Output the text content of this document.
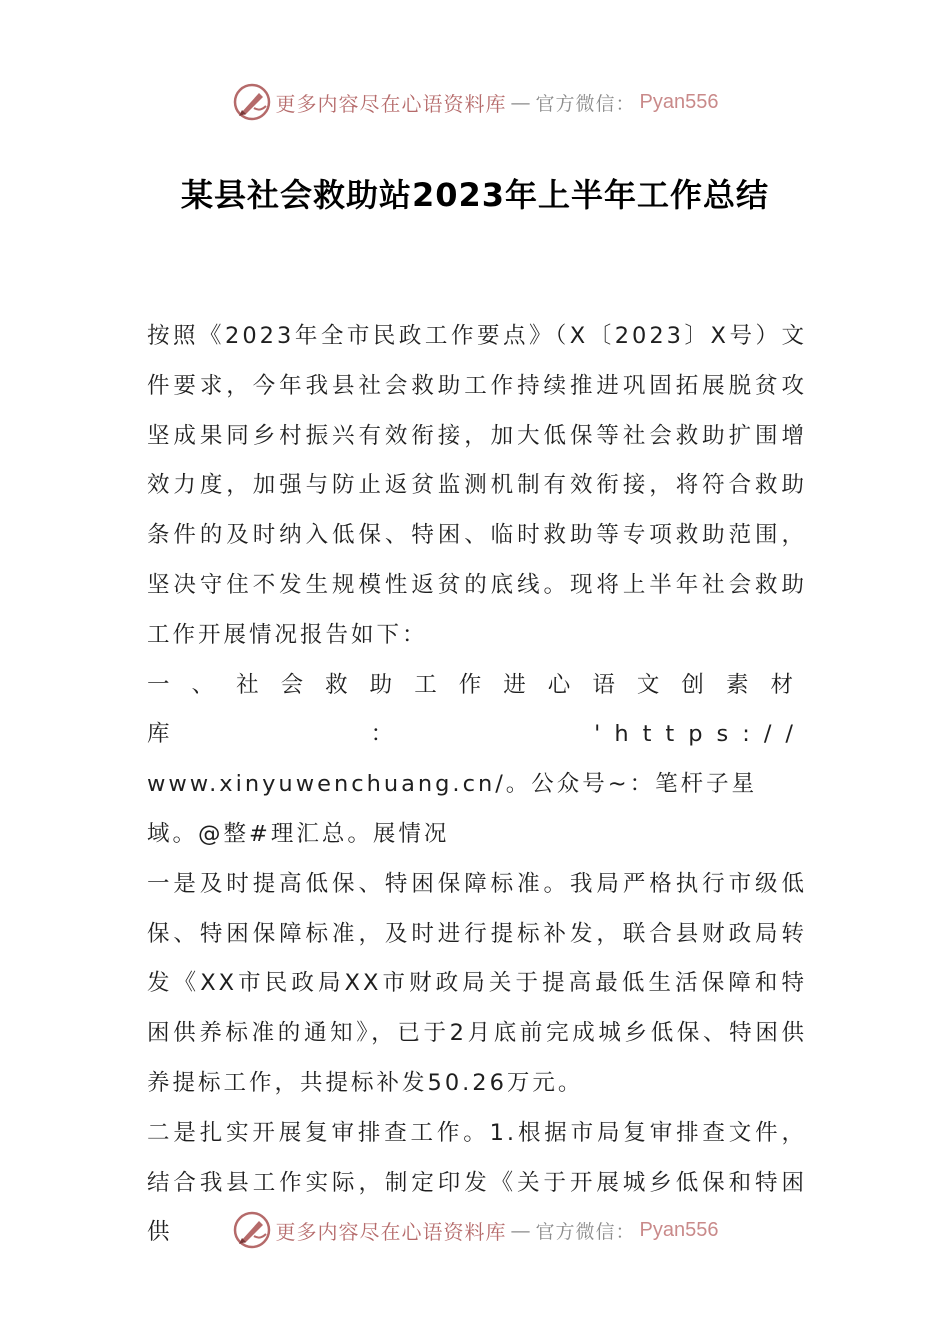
更多内容尽在心语资料库 — 官方微信： Pyan556
某县社会救助站2023年上半年工作总结

按照《2023年全市民政工作要点》（X〔2023〕X号）文件要求，今年我县社会救助工作持续推进巩固拓展脱贫攻坚成果同乡村振兴有效衔接，加大低保等社会救助扩围增效力度，加强与防止返贫监测机制有效衔接，将符合救助条件的及时纳入低保、特困、临时救助等专项救助范围，坚决守住不发生规模性返贫的底线。现将上半年社会救助工作开展情况报告如下：

一、社会救助工作进心语文创素材库：'https://

www.xinyuwenchuang.cn/。公众号~：笔杆子星域。@整#理汇总。展情况

一是及时提高低保、特困保障标准。我局严格执行市级低保、特困保障标准，及时进行提标补发，联合县财政局转发《XX市民政局XX市财政局关于提高最低生活保障和特困供养标准的通知》，已于2月底前完成城乡低保、特困供养提标工作，共提标补发50.26万元。

二是扎实开展复审排查工作。1.根据市局复审排查文件，结合我县工作实际，制定印发《关于开展城乡低保和特困供	更多内容尽在心语资料库 — 官方微信： Pyan556
